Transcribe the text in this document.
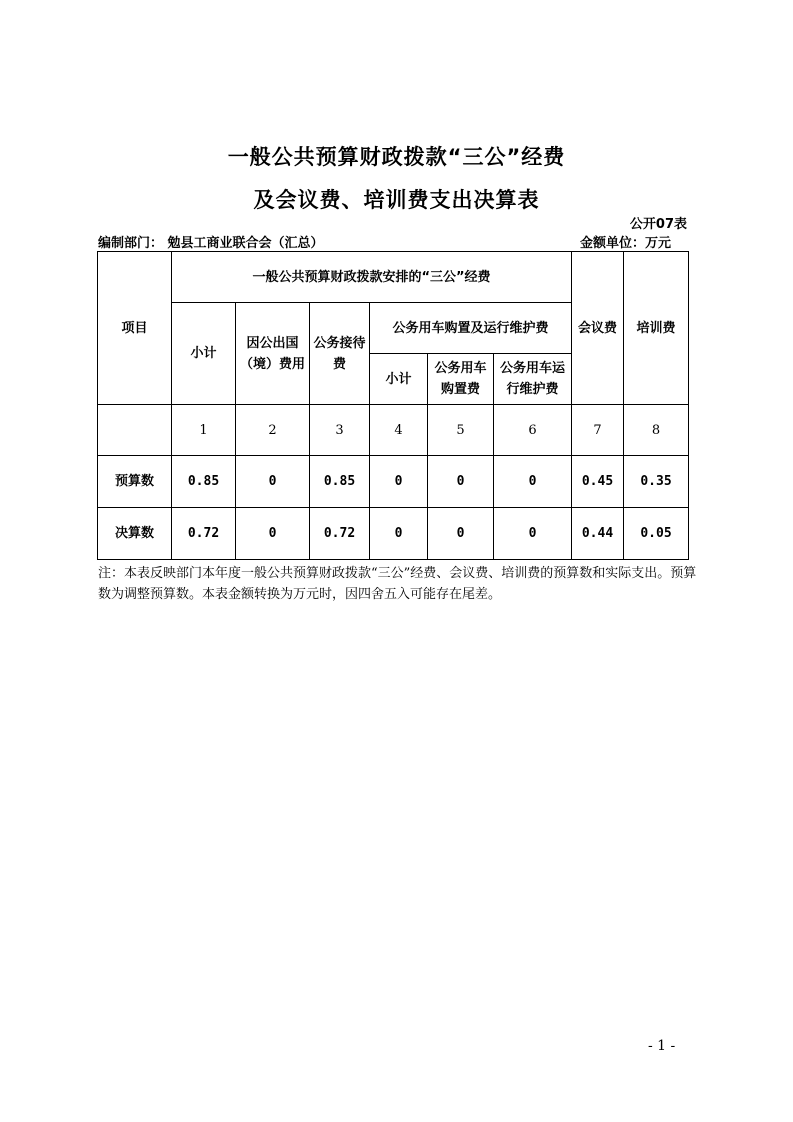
一般公共预算财政拨款“三公”经费
及会议费、培训费支出决算表
公开07表
编制部门： 勉县工商业联合会（汇总）	金额单位：万元
项目	一般公共预算财政拨款安排的“三公”经费						会议费	培训费
	小计	因公出国（境）费用	公务接待费	公务用车购置及运行维护费				
				小计	公务用车购置费	公务用车运行维护费		
	1	2	3	4	5	6	7	8
预算数	0.85	0	0.85	0	0	0	0.45	0.35
决算数	0.72	0	0.72	0	0	0	0.44	0.05
注：本表反映部门本年度一般公共预算财政拨款“三公”经费、会议费、培训费的预算数和实际支出。预算数为调整预算数。本表金额转换为万元时，因四舍五入可能存在尾差。
- 1 -
